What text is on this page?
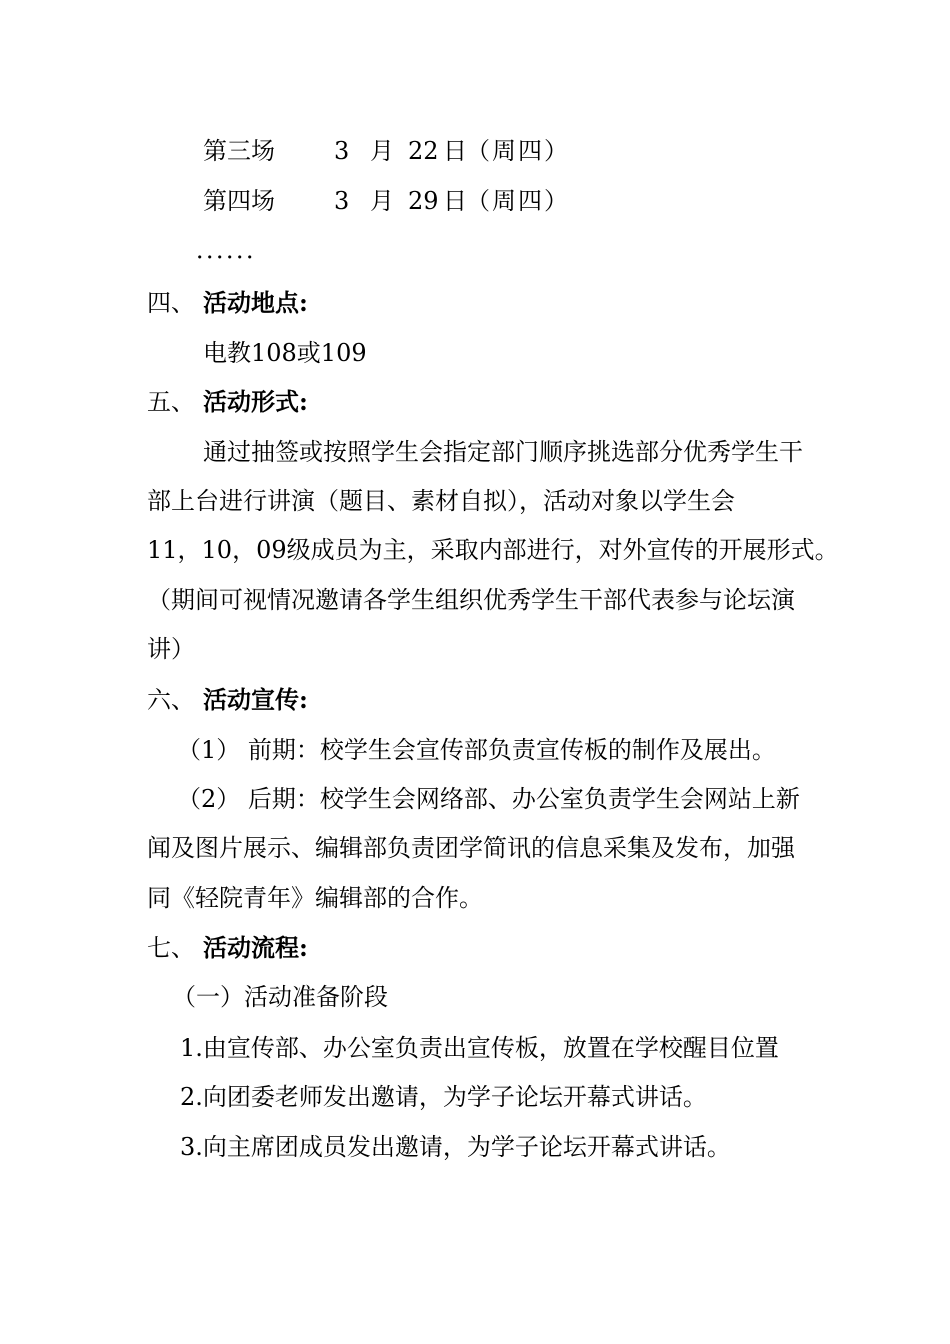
第三场 3 月 22 日 （周四）
第四场 3 月 29 日 （周四）
．．．．．．
四、 活动地点:
电教108或109
五、 活动形式:
通过抽签或按照学生会指定部门顺序挑选部分优秀学生干
部上台进行讲演（题目、素材自拟），活动对象以学生会
11，10，09级成员为主，采取内部进行，对外宣传的开展形式。
（期间可视情况邀请各学生组织优秀学生干部代表参与论坛演
讲）
六、 活动宣传:
（1） 前期：校学生会宣传部负责宣传板的制作及展出。
（2） 后期：校学生会网络部、办公室负责学生会网站上新
闻及图片展示、编辑部负责团学简讯的信息采集及发布，加强
同《轻院青年》编辑部的合作。
七、 活动流程:
（一）活动准备阶段
1.由宣传部、办公室负责出宣传板，放置在学校醒目位置
2.向团委老师发出邀请，为学子论坛开幕式讲话。
3.向主席团成员发出邀请，为学子论坛开幕式讲话。
